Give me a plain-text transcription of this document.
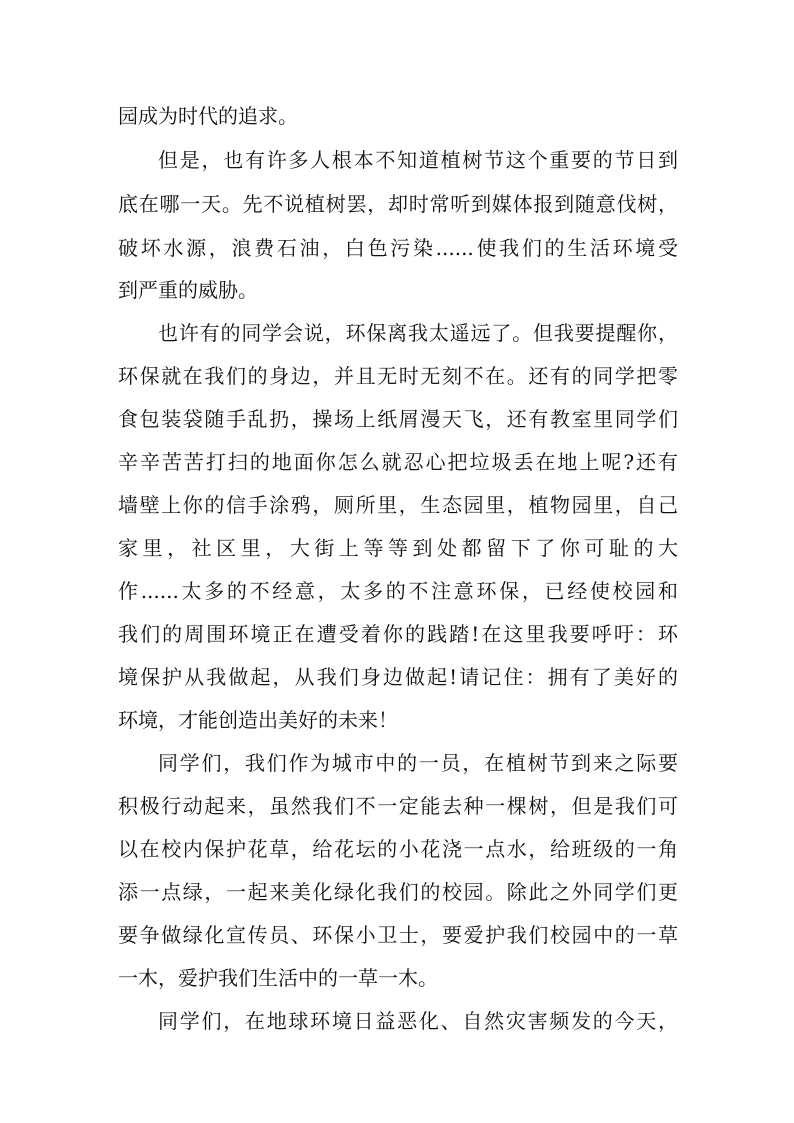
园成为时代的追求。
但是，也有许多人根本不知道植树节这个重要的节日到
底在哪一天。先不说植树罢，却时常听到媒体报到随意伐树，
破坏水源，浪费石油，白色污染......使我们的生活环境受
到严重的威胁。
也许有的同学会说，环保离我太遥远了。但我要提醒你，
环保就在我们的身边，并且无时无刻不在。还有的同学把零
食包装袋随手乱扔，操场上纸屑漫天飞，还有教室里同学们
辛辛苦苦打扫的地面你怎么就忍心把垃圾丢在地上呢?还有
墙壁上你的信手涂鸦，厕所里，生态园里，植物园里，自己
家里，社区里，大街上等等到处都留下了你可耻的大
作......太多的不经意，太多的不注意环保，已经使校园和
我们的周围环境正在遭受着你的践踏!在这里我要呼吁：环
境保护从我做起，从我们身边做起!请记住：拥有了美好的
环境，才能创造出美好的未来！
同学们，我们作为城市中的一员，在植树节到来之际要
积极行动起来，虽然我们不一定能去种一棵树，但是我们可
以在校内保护花草，给花坛的小花浇一点水，给班级的一角
添一点绿，一起来美化绿化我们的校园。除此之外同学们更
要争做绿化宣传员、环保小卫士，要爱护我们校园中的一草
一木，爱护我们生活中的一草一木。
同学们，在地球环境日益恶化、自然灾害频发的今天，
